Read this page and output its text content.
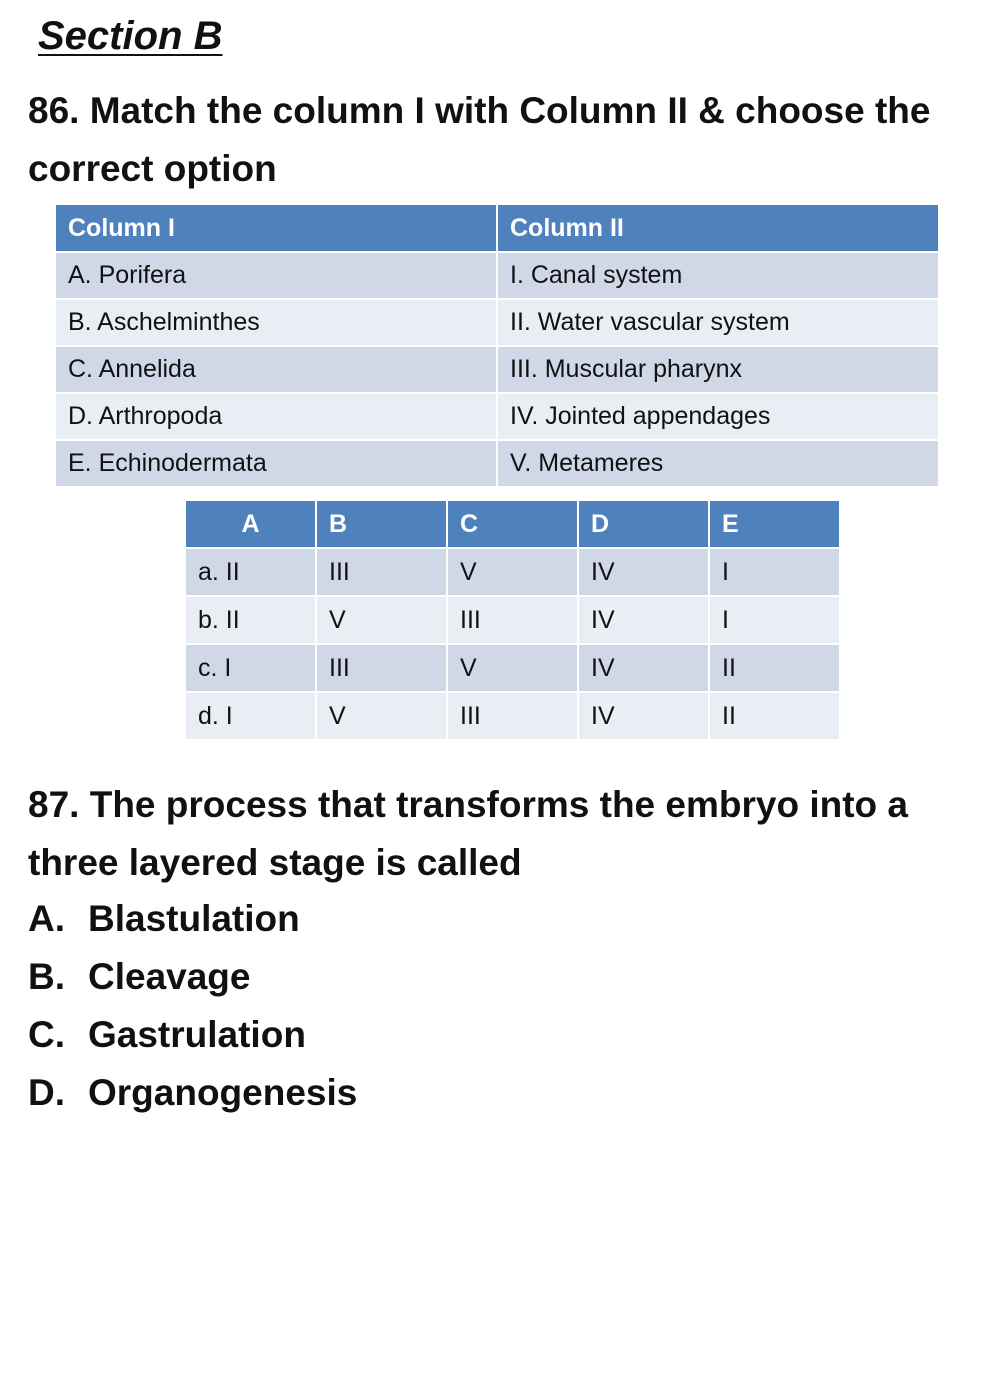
Section B
86. Match the column I with Column II & choose the correct option
Column I	Column II
A. Porifera	I. Canal system
B. Aschelminthes	II. Water vascular system
C. Annelida	III. Muscular pharynx
D. Arthropoda	IV. Jointed appendages
E. Echinodermata	V. Metameres
A	B	C	D	E
a. II	III	V	IV	I
b. II	V	III	IV	I
c. I	III	V	IV	II
d. I	V	III	IV	II
87. The process that transforms the embryo into a three layered stage is called
A. Blastulation
B. Cleavage
C. Gastrulation
D. Organogenesis
